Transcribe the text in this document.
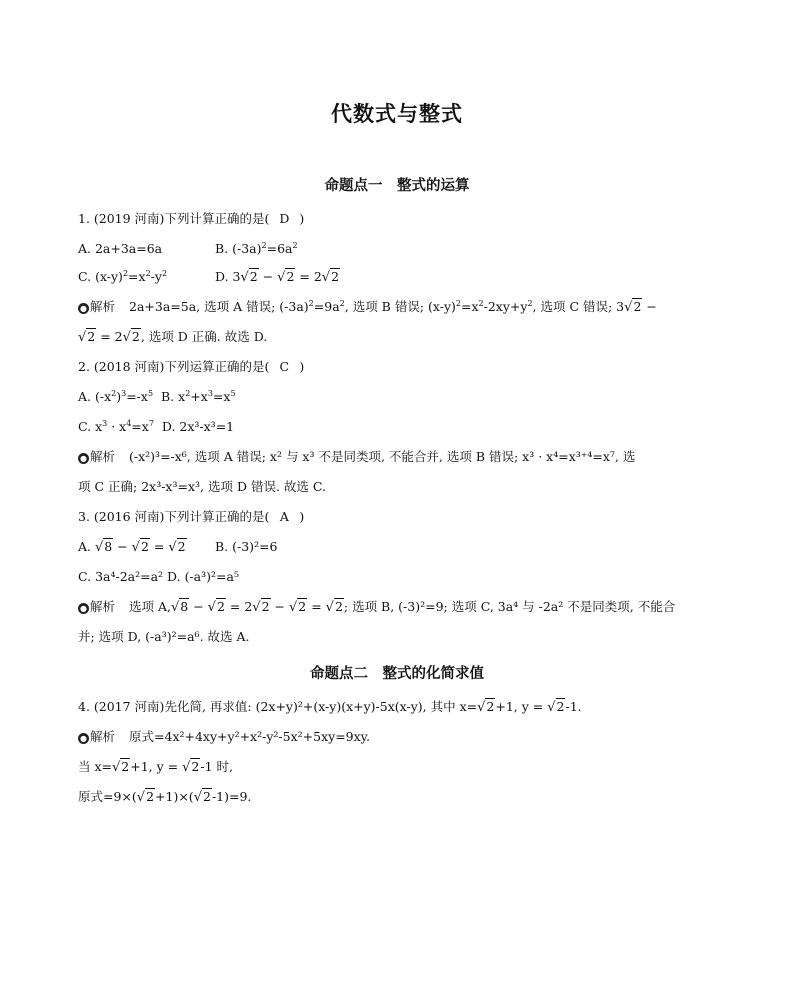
代数式与整式
命题点一　整式的运算
1. (2019 河南)下列计算正确的是( D )
A. 2a+3a=6a	B. $(-3a)^2=6a^2$
C. $(x-y)^2=x^2-y^2$	D. 3√2 − √2 = 2√2
● 解析 2a+3a=5a, 选项 A 错误; $(-3a)^2=9a^2$, 选项 B 错误; $(x-y)^2=x^2-2xy+y^2$, 选项 C 错误; 3√2 −
√2 = 2√2, 选项 D 正确. 故选 D.
2. (2018 河南)下列运算正确的是( C )
A. $(-x^2)^3=-x^5$ B. $x^2+x^3=x^5$
C. $x^3 \cdot x^4=x^7$ D. 2x³-x³=1
● 解析 (-x²)³=-x⁶, 选项 A 错误; x² 与 x³ 不是同类项, 不能合并, 选项 B 错误; x³ · x⁴=x³⁺⁴=x⁷, 选
项 C 正确; 2x³-x³=x³, 选项 D 错误. 故选 C.
3. (2016 河南)下列计算正确的是( A )
A. √8 − √2 = √2 B. (-3)²=6
C. 3a⁴-2a²=a² D. (-a³)²=a⁵
● 解析 选项 A,√8 − √2 = 2√2 − √2 = √2; 选项 B, (-3)²=9; 选项 C, 3a⁴ 与 -2a² 不是同类项, 不能合
并; 选项 D, (-a³)²=a⁶. 故选 A.
命题点二　整式的化简求值
4. (2017 河南)先化简, 再求值: (2x+y)²+(x-y)(x+y)-5x(x-y), 其中 x=√2+1, y = √2-1.
● 解析 原式=4x²+4xy+y²+x²-y²-5x²+5xy=9xy.
当 x=√2+1, y = √2-1 时,
原式=9×(√2+1)×(√2-1)=9.
